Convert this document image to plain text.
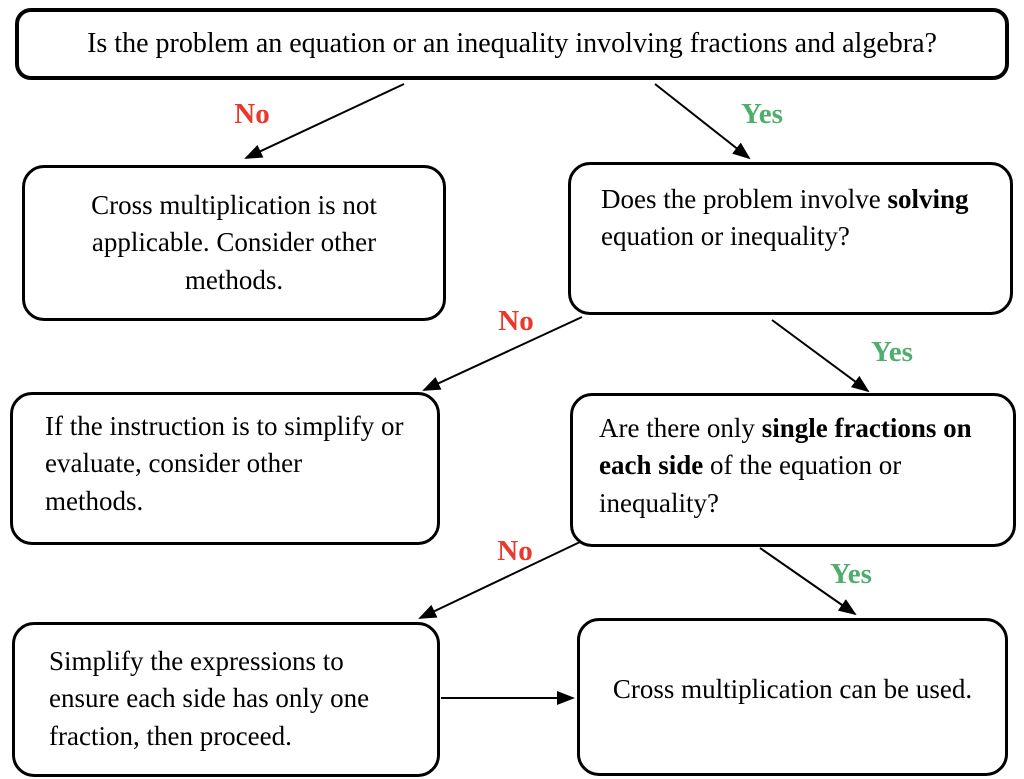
Is the problem an equation or an inequality involving fractions and algebra?
Cross multiplication is not applicable. Consider other methods.
Does the problem involve solving equation or inequality?
If the instruction is to simplify or evaluate, consider other methods.
Are there only single fractions on each side of the equation or inequality?
Simplify the expressions to ensure each side has only one fraction, then proceed.
Cross multiplication can be used.
No	Yes
No
Yes
No
Yes
